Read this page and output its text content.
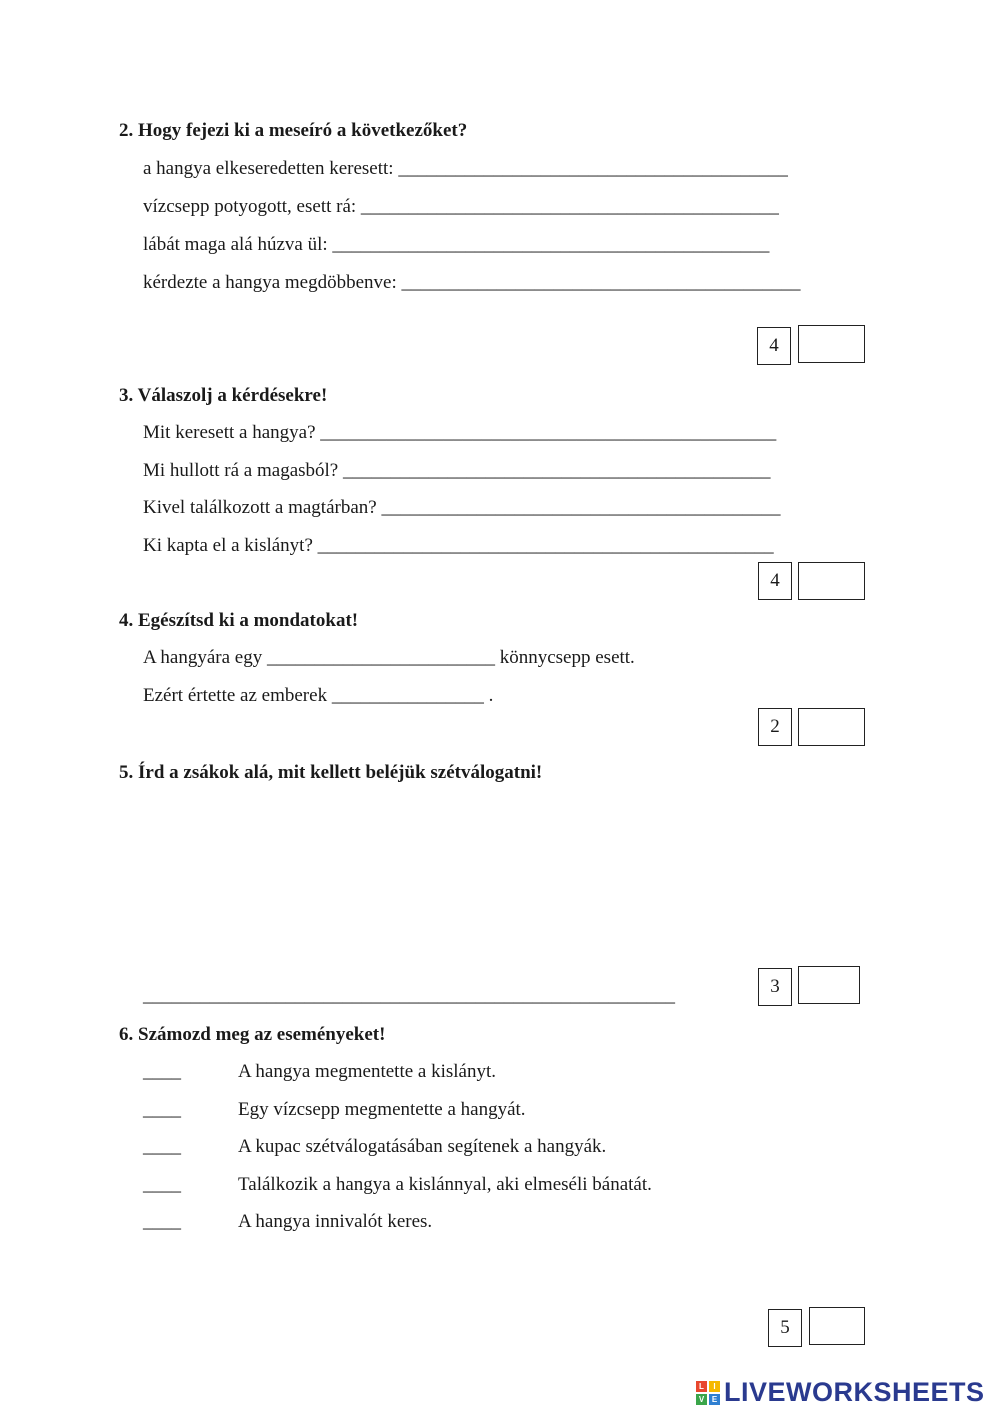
2. Hogy fejezi ki a meseíró a következőket?
a hangya elkeseredetten keresett: _________________________________________
vízcsepp potyogott, esett rá: ____________________________________________
lábát maga alá húzva ül: ______________________________________________
kérdezte a hangya megdöbbenve: __________________________________________
4
3. Válaszolj a kérdésekre!
Mit keresett a hangya? ________________________________________________
Mi hullott rá a magasból? _____________________________________________
Kivel találkozott a magtárban? __________________________________________
Ki kapta el a kislányt? ________________________________________________
4
4. Egészítsd ki a mondatokat!
A hangyára egy ________________________ könnycsepp esett.
Ezért értette az emberek ________________ .
2
5. Írd a zsákok alá, mit kellett beléjük szétválogatni!
________________________________________________________	3
6. Számozd meg az eseményeket!
____	A hangya megmentette a kislányt.
____	Egy vízcsepp megmentette a hangyát.
____	A kupac szétválogatásában segítenek a hangyák.
____	Találkozik a hangya a kislánnyal, aki elmeséli bánatát.
____	A hangya innivalót keres.
5
L	I
V E LIVEWORKSHEETS
